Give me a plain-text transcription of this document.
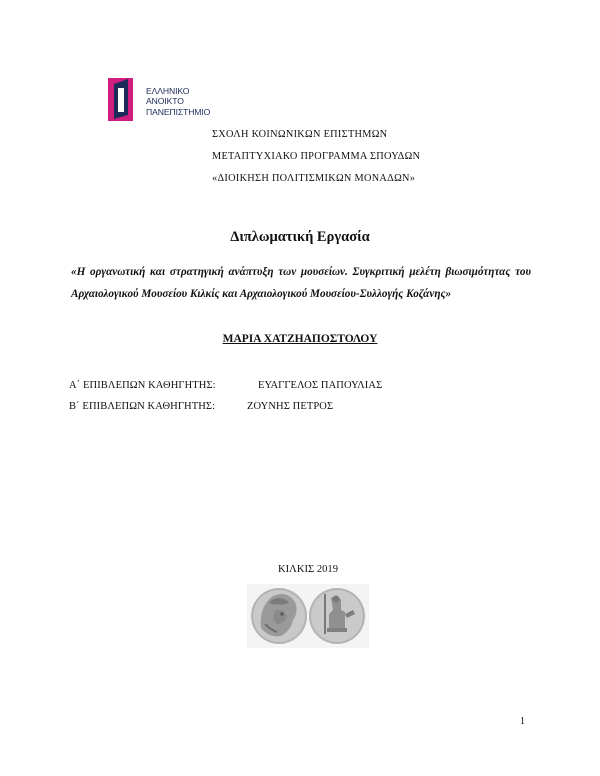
ΕΛΛΗΝΙΚΟ
ΑΝΟΙΚΤΟ
ΠΑΝΕΠΙΣΤΗΜΙΟ
ΣΧΟΛΗ ΚΟΙΝΩΝΙΚΩΝ ΕΠΙΣΤΗΜΩΝ
ΜΕΤΑΠΤΥΧΙΑΚΟ ΠΡΟΓΡΑΜΜΑ ΣΠΟΥΔΩΝ
«ΔΙΟΙΚΗΣΗ ΠΟΛΙΤΙΣΜΙΚΩΝ ΜΟΝΑΔΩΝ»
Διπλωματική Εργασία
«Η οργανωτική και στρατηγική ανάπτυξη των μουσείων. Συγκριτική μελέτη βιωσιμότητας του Αρχαιολογικού Μουσείου Κιλκίς και Αρχαιολογικού Μουσείου-Συλλογής Κοζάνης»
ΜΑΡΙΑ ΧΑΤΖΗΑΠΟΣΤΟΛΟΥ
Α΄ ΕΠΙΒΛΕΠΩΝ ΚΑΘΗΓΗΤΗΣ:	ΕΥΑΓΓΕΛΟΣ ΠΑΠΟΥΛΙΑΣ
Β΄ ΕΠΙΒΛΕΠΩΝ ΚΑΘΗΓΗΤΗΣ:	ΖΟΥΝΗΣ ΠΕΤΡΟΣ
ΚΙΛΚΙΣ 2019
1
